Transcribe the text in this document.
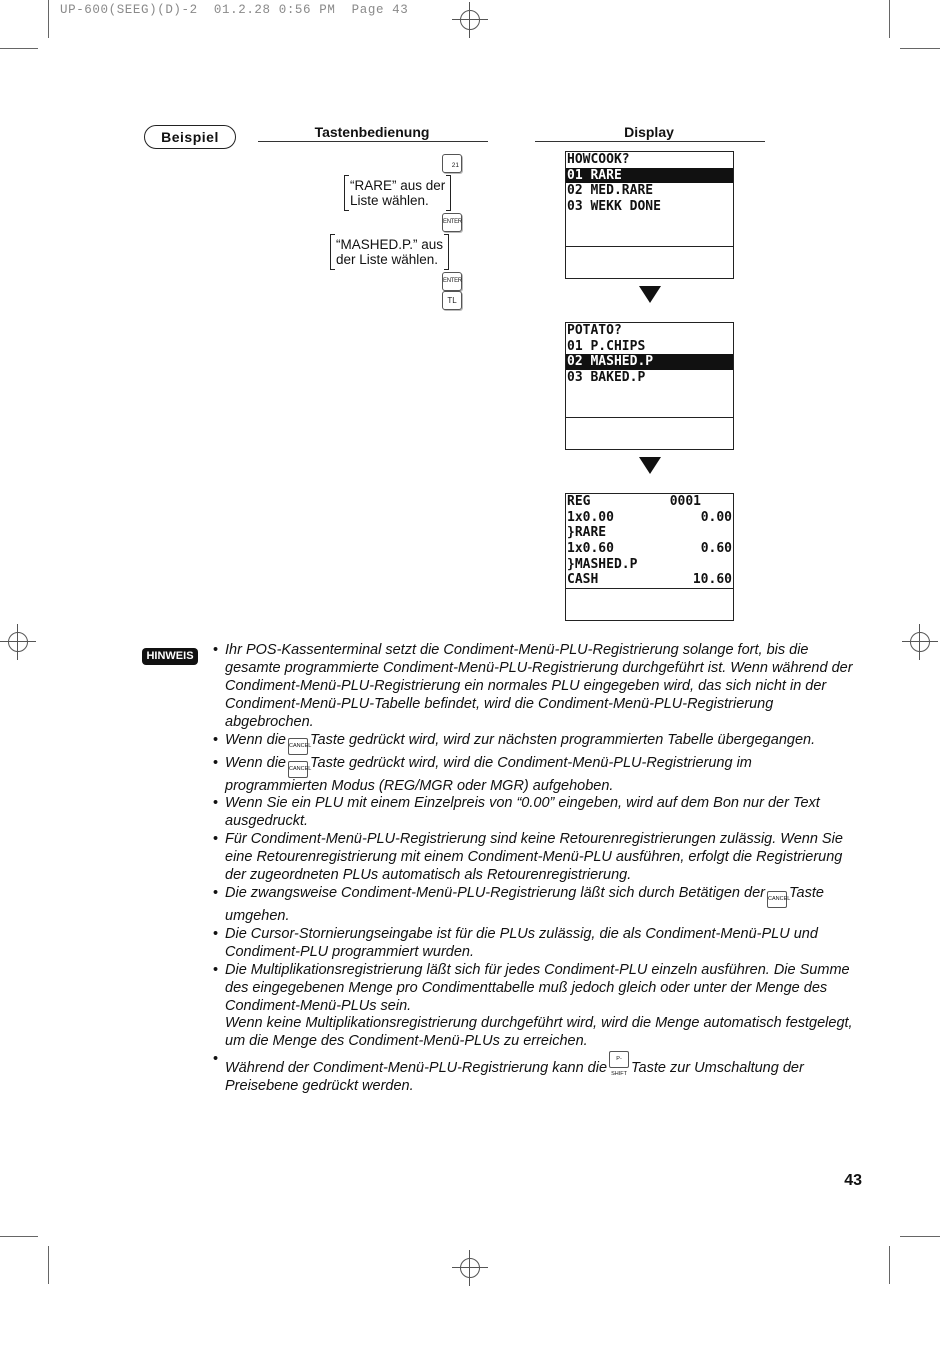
UP-600(SEEG)(D)-2  01.2.28 0:56 PM  Page 43
Beispiel	Tastenbedienung	Display
21
“RARE” aus der
Liste wählen.
ENTER
“MASHED.P.” aus
der Liste wählen.
ENTER
TL
HOWCOOK?
01 RARE
02 MED.RARE
03 WEKK DONE

POTATO?
01 P.CHIPS
02 MASHED.P
03 BAKED.P

REG	0001
1x0.00	0.00
}RARE
1x0.60	0.60
}MASHED.P
CASH	10.60

HINWEIS	• Ihr POS-Kassenterminal setzt die Condiment-Menü-PLU-Registrierung solange fort, bis die gesamte programmierte Condiment-Menü-PLU-Registrierung durchgeführt ist. Wenn während der Condiment-Menü-PLU-Registrierung ein normales PLU eingegeben wird, das sich nicht in der Condiment-Menü-PLU-Tabelle befindet, wird die Condiment-Menü-PLU-Registrierung abgebrochen.
• Wenn die CANCELTaste gedrückt wird, wird zur nächsten programmierten Tabelle übergegangen.
• Wenn die CANCELTaste gedrückt wird, wird die Condiment-Menü-PLU-Registrierung im programmierten Modus (REG/MGR oder MGR) aufgehoben.
• Wenn Sie ein PLU mit einem Einzelpreis von “0.00” eingeben, wird auf dem Bon nur der Text ausgedruckt.
• Für Condiment-Menü-PLU-Registrierung sind keine Retourenregistrierungen zulässig. Wenn Sie eine Retourenregistrierung mit einem Condiment-Menü-PLU ausführen, erfolgt die Registrierung der zugeordneten PLUs automatisch als Retourenregistrierung.
• Die zwangsweise Condiment-Menü-PLU-Registrierung läßt sich durch Betätigen der CANCELTaste umgehen.
• Die Cursor-Stornierungseingabe ist für die PLUs zulässig, die als Condiment-Menü-PLU und Condiment-PLU programmiert wurden.
• Die Multiplikationsregistrierung läßt sich für jedes Condiment-PLU einzeln ausführen. Die Summe des eingegebenen Menge pro Condimenttabelle muß jedoch gleich oder unter der Menge des Condiment-Menü-PLUs sein.
Wenn keine Multiplikationsregistrierung durchgeführt wird, wird die Menge automatisch festgelegt, um die Menge des Condiment-Menü-PLUs zu erreichen.
•
Während der Condiment-Menü-PLU-Registrierung kann dieP-SHIFT Taste zur Umschaltung der Preisebene gedrückt werden.
43
